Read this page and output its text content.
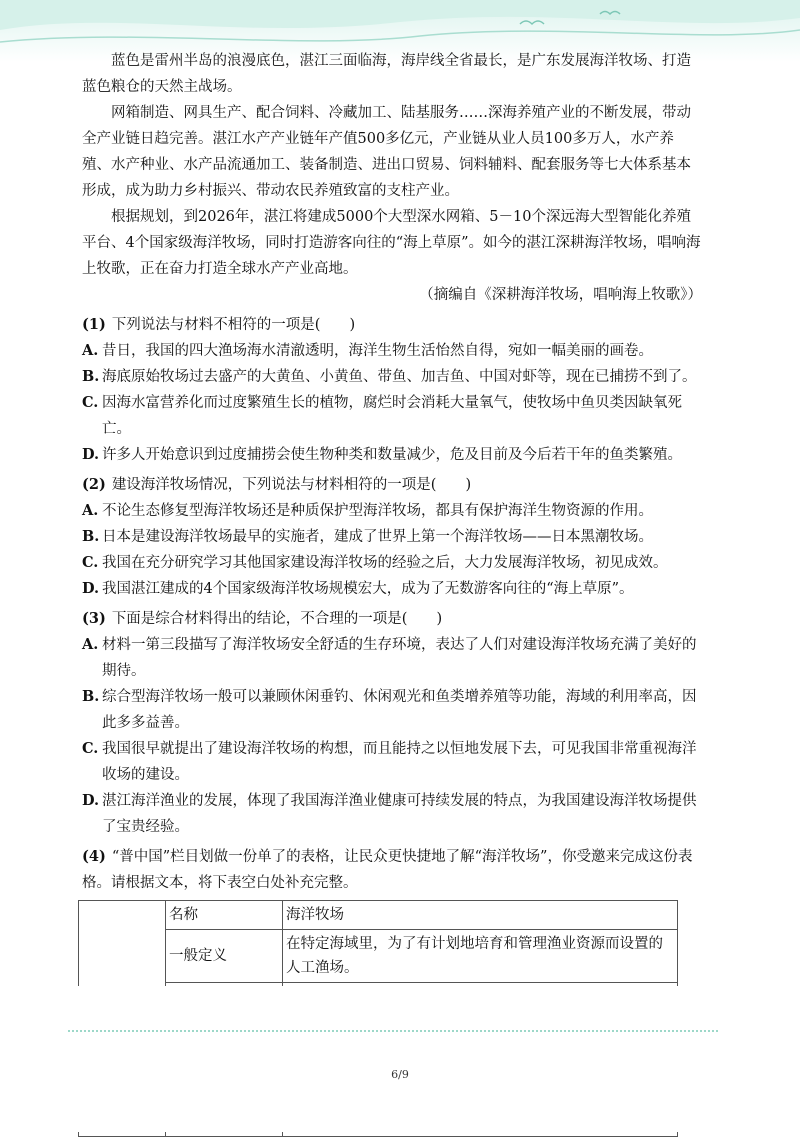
蓝色是雷州半岛的浪漫底色，湛江三面临海，海岸线全省最长，是广东发展海洋牧场、打造蓝色粮仓的天然主战场。

网箱制造、网具生产、配合饲料、冷藏加工、陆基服务……深海养殖产业的不断发展，带动全产业链日趋完善。湛江水产产业链年产值500多亿元，产业链从业人员100多万人，水产养殖、水产种业、水产品流通加工、装备制造、进出口贸易、饲料辅料、配套服务等七大体系基本形成，成为助力乡村振兴、带动农民养殖致富的支柱产业。

根据规划，到2026年，湛江将建成5000个大型深水网箱、5－10个深远海大型智能化养殖平台、4个国家级海洋牧场，同时打造游客向往的“海上草原”。如今的湛江深耕海洋牧场，唱响海上牧歌，正在奋力打造全球水产产业高地。

（摘编自《深耕海洋牧场，唱响海上牧歌》）

(1) 下列说法与材料不相符的一项是(　　)

A. 昔日，我国的四大渔场海水清澈透明，海洋生物生活怡然自得，宛如一幅美丽的画卷。

B. 海底原始牧场过去盛产的大黄鱼、小黄鱼、带鱼、加吉鱼、中国对虾等，现在已捕捞不到了。

C. 因海水富营养化而过度繁殖生长的植物，腐烂时会消耗大量氧气，使牧场中鱼贝类因缺氧死亡。

D. 许多人开始意识到过度捕捞会使生物种类和数量减少，危及目前及今后若干年的鱼类繁殖。

(2) 建设海洋牧场情况，下列说法与材料相符的一项是(　　)

A. 不论生态修复型海洋牧场还是种质保护型海洋牧场，都具有保护海洋生物资源的作用。

B. 日本是建设海洋牧场最早的实施者，建成了世界上第一个海洋牧场——日本黑潮牧场。

C. 我国在充分研究学习其他国家建设海洋牧场的经验之后，大力发展海洋牧场，初见成效。

D. 我国湛江建成的4个国家级海洋牧场规模宏大，成为了无数游客向往的“海上草原”。

(3) 下面是综合材料得出的结论，不合理的一项是(　　)

A. 材料一第三段描写了海洋牧场安全舒适的生存环境，表达了人们对建设海洋牧场充满了美好的期待。

B. 综合型海洋牧场一般可以兼顾休闲垂钓、休闲观光和鱼类增养殖等功能，海域的利用率高，因此多多益善。

C. 我国很早就提出了建设海洋牧场的构想，而且能持之以恒地发展下去，可见我国非常重视海洋收场的建设。

D. 湛江海洋渔业的发展，体现了我国海洋渔业健康可持续发展的特点，为我国建设海洋牧场提供了宝贵经验。

(4) “普中国”栏目划做一份单了的表格，让民众更快捷地了解“海洋牧场”，你受邀来完成这份表格。请根据文本，将下表空白处补充完整。

	名称	海洋牧场
	一般定义	在特定海域里，为了有计划地培育和管理渔业资源而设置的人工渔场。

6/9
